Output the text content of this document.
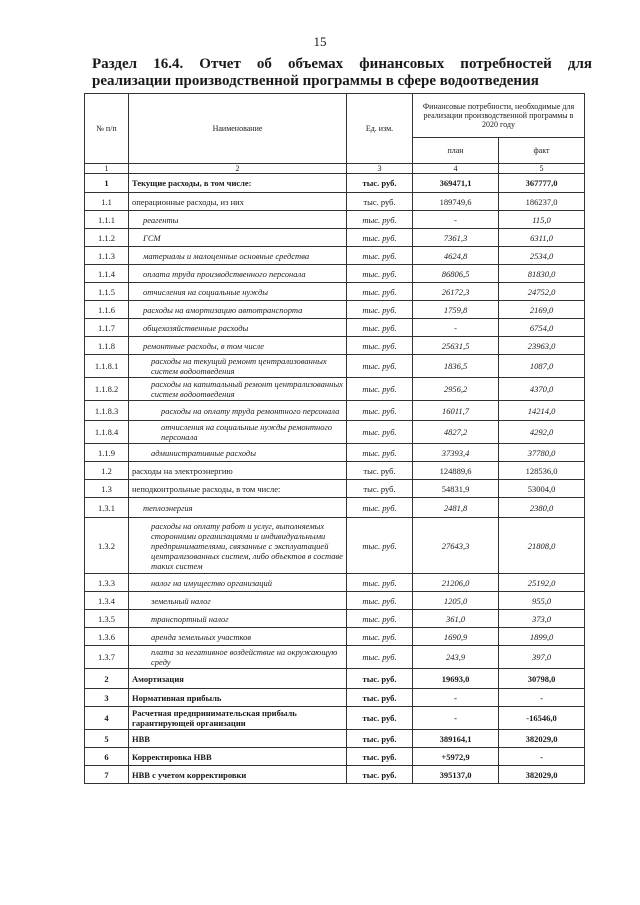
15
Раздел 16.4. Отчет об объемах финансовых потребностей для
реализации производственной программы в сфере водоотведения
№ п/п	Наименование	Ед. изм.	Финансовые потребности, необходимые для реализации производственной программы в 2020 году	
			план	факт
1	2	3	4	5
1	Текущие расходы, в том числе:	тыс. руб.	369471,1	367777,0
1.1	операционные расходы, из них	тыс. руб.	189749,6	186237,0
1.1.1	реагенты	тыс. руб.	-	115,0
1.1.2	ГСМ	тыс. руб.	7361,3	6311,0
1.1.3	материалы и малоценные основные средства	тыс. руб.	4624,8	2534,0
1.1.4	оплата труда производственного персонала	тыс. руб.	86806,5	81830,0
1.1.5	отчисления на социальные нужды	тыс. руб.	26172,3	24752,0
1.1.6	расходы на амортизацию автотранспорта	тыс. руб.	1759,8	2169,0
1.1.7	общехозяйственные расходы	тыс. руб.	-	6754,0
1.1.8	ремонтные расходы, в том числе	тыс. руб.	25631,5	23963,0
1.1.8.1	расходы на текущий ремонт централизованных систем водоотведения	тыс. руб.	1836,5	1087,0
1.1.8.2	расходы на капитальный ремонт централизованных систем водоотведения	тыс. руб.	2956,2	4370,0
1.1.8.3	расходы на оплату труда ремонтного персонала	тыс. руб.	16011,7	14214,0
1.1.8.4	отчисления на социальные нужды ремонтного персонала	тыс. руб.	4827,2	4292,0
1.1.9	административные расходы	тыс. руб.	37393,4	37780,0
1.2	расходы на электроэнергию	тыс. руб.	124889,6	128536,0
1.3	неподконтрольные расходы, в том числе:	тыс. руб.	54831,9	53004,0
1.3.1	теплоэнергия	тыс. руб.	2481,8	2380,0
1.3.2	расходы на оплату работ и услуг, выполняемых сторонними организациями и индивидуальными предпринимателями, связанные с эксплуатацией централизованных систем, либо объектов в составе таких систем	тыс. руб.	27643,3	21808,0
1.3.3	налог на имущество организаций	тыс. руб.	21206,0	25192,0
1.3.4	земельный налог	тыс. руб.	1205,0	955,0
1.3.5	транспортный налог	тыс. руб.	361,0	373,0
1.3.6	аренда земельных участков	тыс. руб.	1690,9	1899,0
1.3.7	плата за негативное воздействие на окружающую среду	тыс. руб.	243,9	397,0
2	Амортизация	тыс. руб.	19693,0	30798,0
3	Нормативная прибыль	тыс. руб.	-	-
4	Расчетная предпринимательская прибыль гарантирующей организации	тыс. руб.	-	-16546,0
5	НВВ	тыс. руб.	389164,1	382029,0
6	Корректировка НВВ	тыс. руб.	+5972,9	-
7	НВВ с учетом корректировки	тыс. руб.	395137,0	382029,0
